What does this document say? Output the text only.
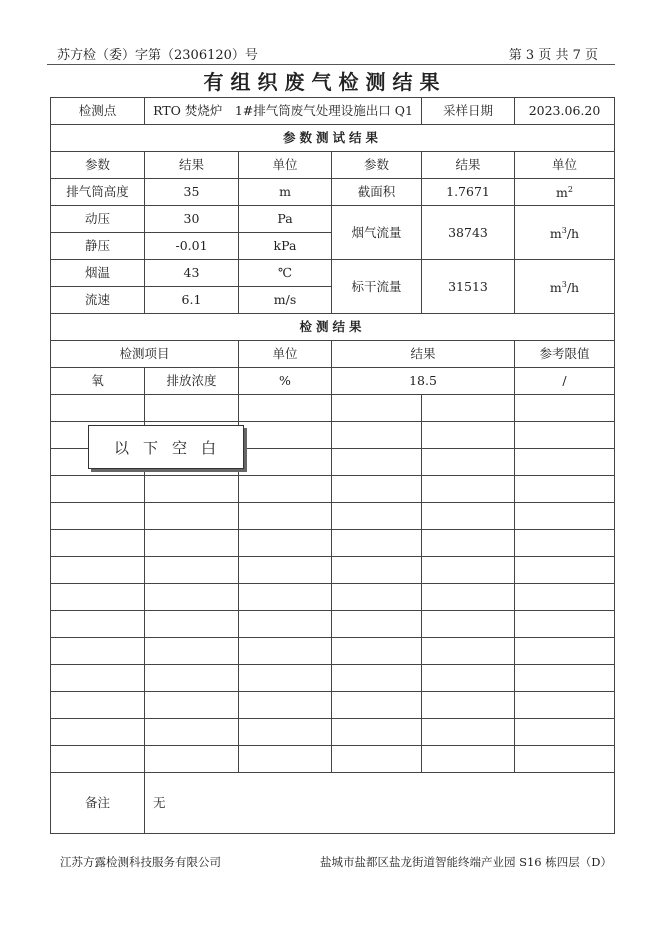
苏方检（委）字第（2306120）号	第 3 页 共 7 页
有组织废气检测结果
检测点	RTO 焚烧炉　1#排气筒废气处理设施出口 Q1			采样日期	2023.06.20
参数测试结果					
参数	结果	单位	参数	结果	单位
排气筒高度	35	m	截面积	1.7671	$m^2$
动压	30	Pa	烟气流量	38743	$m^3/h$
静压	-0.01	kPa			
烟温	43	℃	标干流量	31513	$m^3/h$
流速	6.1	m/s			
检测结果					
检测项目		单位	结果		参考限值
氧	排放浓度	%	18.5		/

备注	无				
以下空白
江苏方露检测科技服务有限公司	盐城市盐都区盐龙街道智能终端产业园 S16 栋四层（D）
